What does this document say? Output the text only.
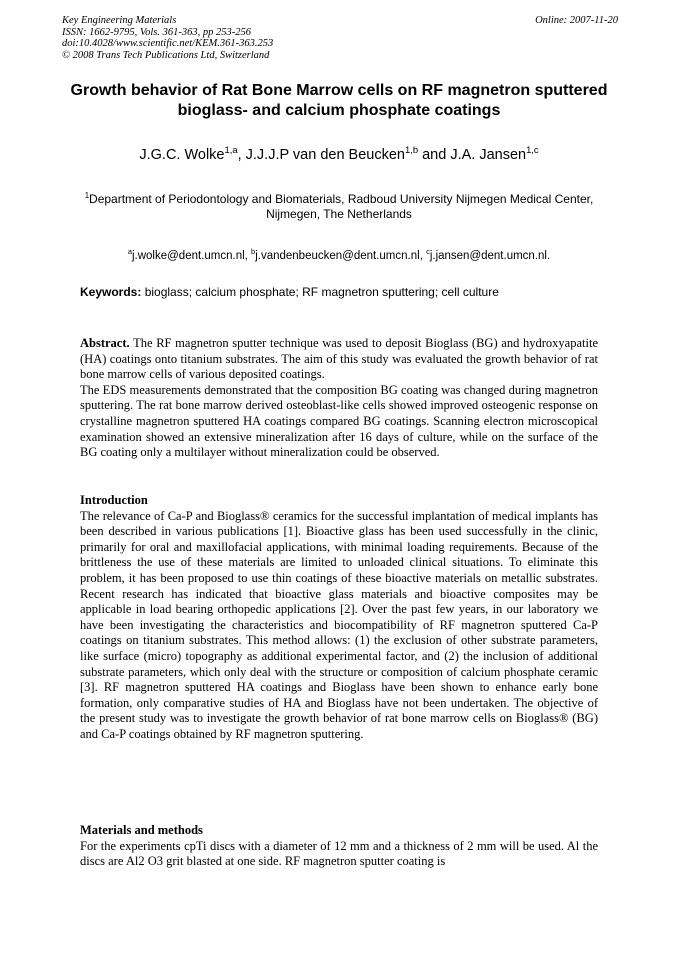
Key Engineering Materials
ISSN: 1662-9795, Vols. 361-363, pp 253-256
doi:10.4028/www.scientific.net/KEM.361-363.253
© 2008 Trans Tech Publications Ltd, Switzerland
Online: 2007-11-20
Growth behavior of Rat Bone Marrow cells on RF magnetron sputtered bioglass- and calcium phosphate coatings
J.G.C. Wolke$^{1,a}$, J.J.J.P van den Beucken$^{1,b}$ and J.A. Jansen$^{1,c}$
$^1$Department of Periodontology and Biomaterials, Radboud University Nijmegen Medical Center, Nijmegen, The Netherlands
$^a$j.wolke@dent.umcn.nl, $^b$j.vandenbeucken@dent.umcn.nl, $^c$j.jansen@dent.umcn.nl.
Keywords: bioglass; calcium phosphate; RF magnetron sputtering; cell culture

Abstract. The RF magnetron sputter technique was used to deposit Bioglass (BG) and hydroxyapatite (HA) coatings onto titanium substrates. The aim of this study was evaluated the growth behavior of rat bone marrow cells of various deposited coatings.

The EDS measurements demonstrated that the composition BG coating was changed during magnetron sputtering. The rat bone marrow derived osteoblast-like cells showed improved osteogenic response on crystalline magnetron sputtered HA coatings compared BG coatings. Scanning electron microscopical examination showed an extensive mineralization after 16 days of culture, while on the surface of the BG coating only a multilayer without mineralization could be observed.

Introduction

The relevance of Ca-P and Bioglass® ceramics for the successful implantation of medical implants has been described in various publications [1]. Bioactive glass has been used successfully in the clinic, primarily for oral and maxillofacial applications, with minimal loading requirements. Because of the brittleness the use of these materials are limited to unloaded clinical situations. To eliminate this problem, it has been proposed to use thin coatings of these bioactive materials on metallic substrates. Recent research has indicated that bioactive glass materials and bioactive composites may be applicable in load bearing orthopedic applications [2]. Over the past few years, in our laboratory we have been investigating the characteristics and biocompatibility of RF magnetron sputtered Ca-P coatings on titanium substrates. This method allows: (1) the exclusion of other substrate parameters, like surface (micro) topography as additional experimental factor, and (2) the inclusion of additional substrate parameters, which only deal with the structure or composition of calcium phosphate ceramic [3]. RF magnetron sputtered HA coatings and Bioglass have been shown to enhance early bone formation, only comparative studies of HA and Bioglass have not been undertaken. The objective of the present study was to investigate the growth behavior of rat bone marrow cells on Bioglass® (BG) and Ca-P coatings obtained by RF magnetron sputtering.

Materials and methods

For the experiments cpTi discs with a diameter of 12 mm and a thickness of 2 mm will be used. Al the discs are Al2 O3 grit blasted at one side. RF magnetron sputter coating is
